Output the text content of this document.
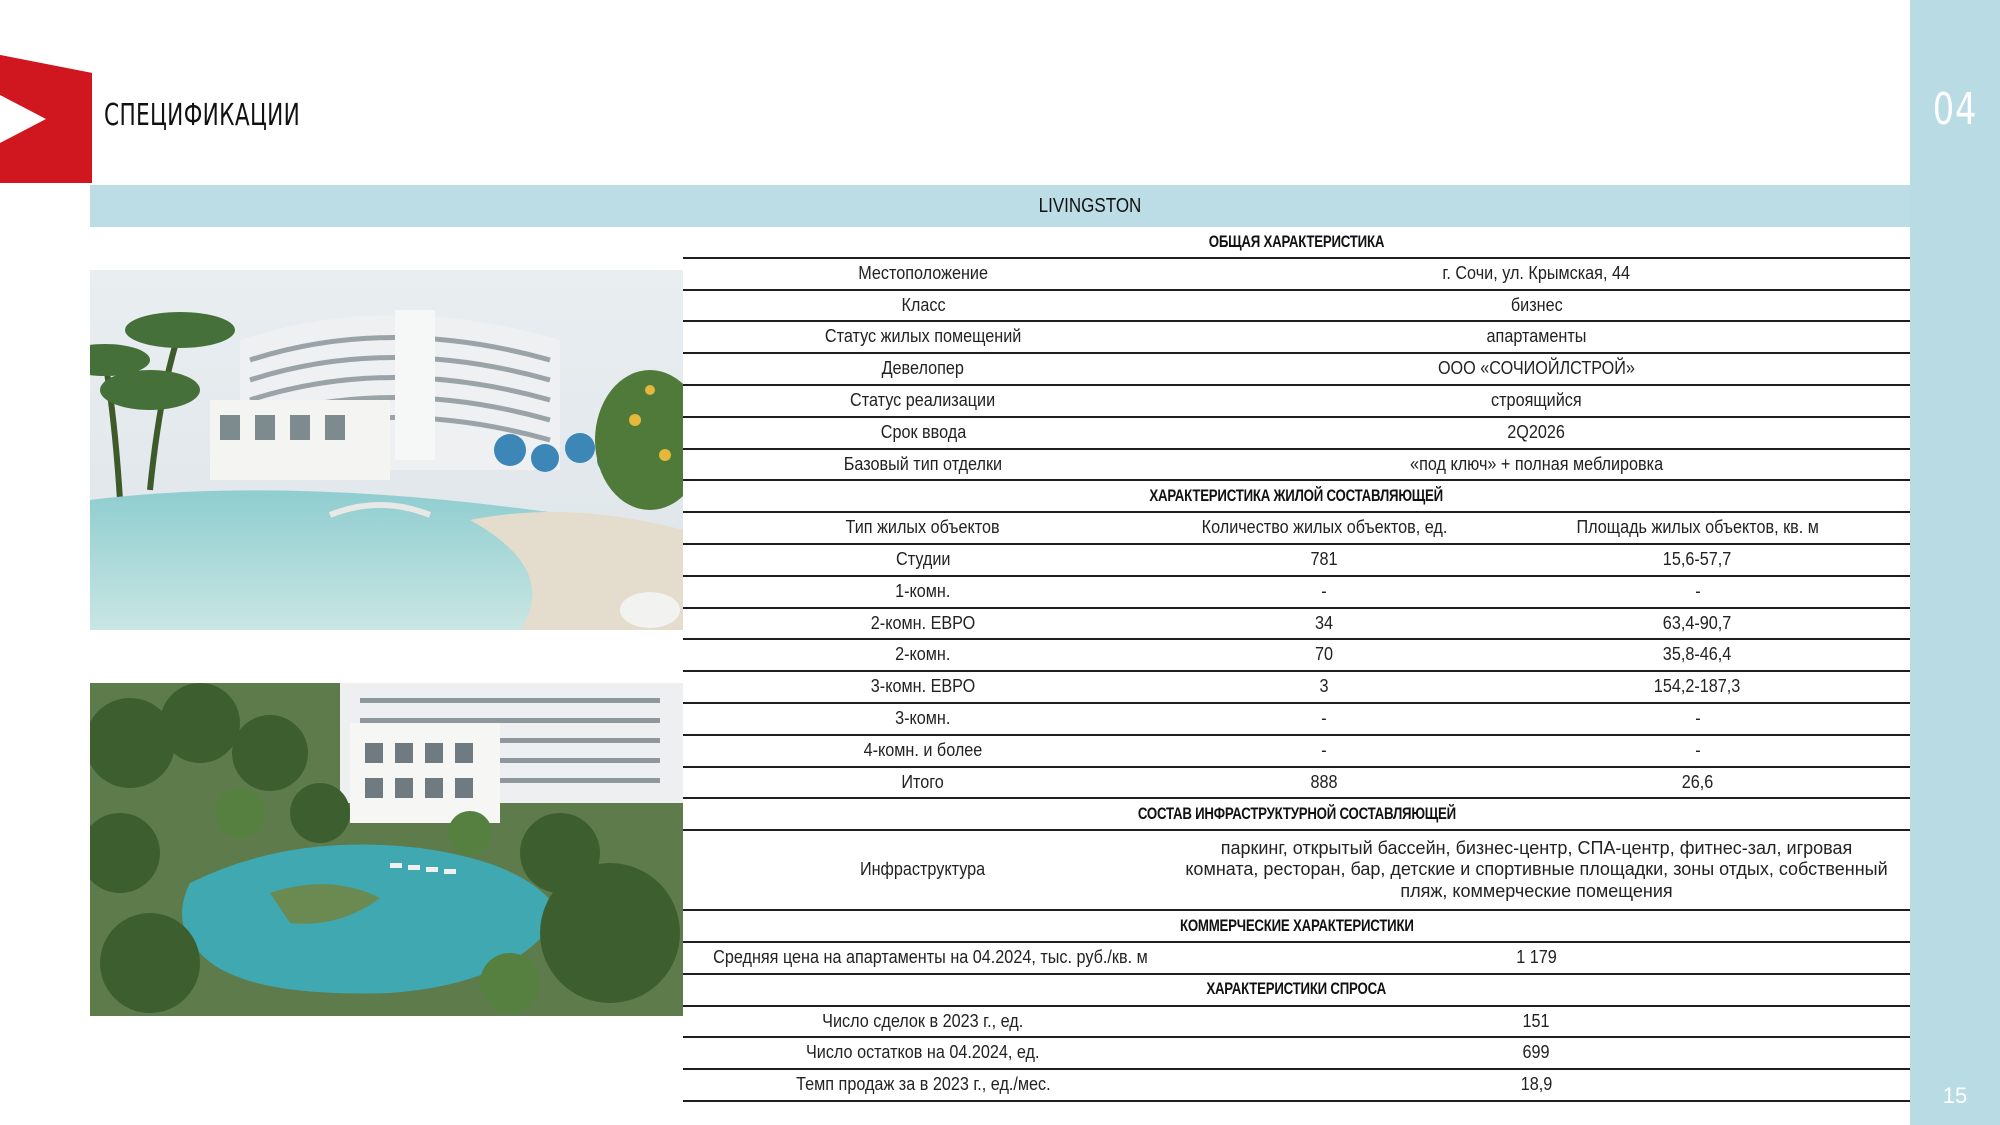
04
15
СПЕЦИФИКАЦИИ
LIVINGSTON
ОБЩАЯ ХАРАКТЕРИСТИКА		
Местоположение	г. Сочи, ул. Крымская, 44	
Класс	бизнес	
Статус жилых помещений	апартаменты	
Девелопер	ООО «СОЧИОЙЛСТРОЙ»	
Статус реализации	строящийся	
Срок ввода	2Q2026	
Базовый тип отделки	«под ключ» + полная меблировка	
ХАРАКТЕРИСТИКА ЖИЛОЙ СОСТАВЛЯЮЩЕЙ		
Тип жилых объектов	Количество жилых объектов, ед.	Площадь жилых объектов, кв. м
Студии	781	15,6-57,7
1-комн.	-	-
2-комн. ЕВРО	34	63,4-90,7
2-комн.	70	35,8-46,4
3-комн. ЕВРО	3	154,2-187,3
3-комн.	-	-
4-комн. и более	-	-
Итого	888	26,6
СОСТАВ ИНФРАСТРУКТУРНОЙ СОСТАВЛЯЮЩЕЙ		
Инфраструктура	паркинг, открытый бассейн, бизнес-центр, СПА-центр, фитнес-зал, игровая комната, ресторан, бар, детские и спортивные площадки, зоны отдых, собственный пляж, коммерческие помещения	
КОММЕРЧЕСКИЕ ХАРАКТЕРИСТИКИ		
Средняя цена на апартаменты на 04.2024, тыс. руб./кв. м	1 179	
ХАРАКТЕРИСТИКИ СПРОСА		
Число сделок в 2023 г., ед.	151	
Число остатков на 04.2024, ед.	699	
Темп продаж за в 2023 г., ед./мес.	18,9	
